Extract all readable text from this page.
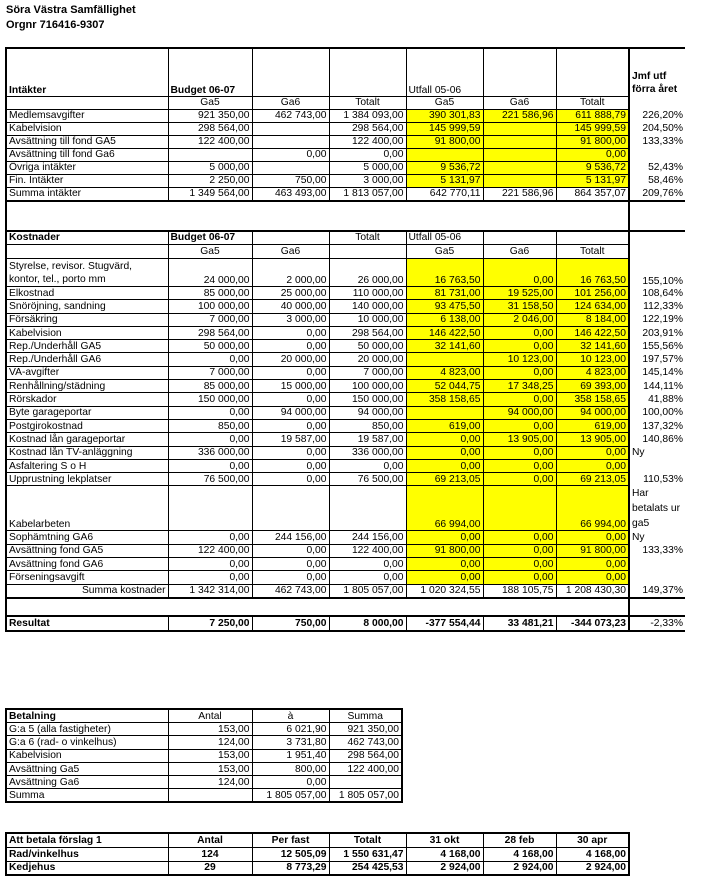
Söra Västra Samfällighet
Orgnr 716416-9307
Intäkter	Budget 06-07			Utfall 05-06			Jmf utf
förra året

	Ga5	Ga6	Totalt	Ga5	Ga6	Totalt	
Medlemsavgifter	921 350,00	462 743,00	1 384 093,00	390 301,83	221 586,96	611 888,79	226,20%
Kabelvision	298 564,00		298 564,00	145 999,59		145 999,59	204,50%
Avsättning till fond GA5	122 400,00		122 400,00	91 800,00		91 800,00	133,33%
Avsättning till fond Ga6		0,00	0,00			0,00	
Övriga intäkter	5 000,00		5 000,00	9 536,72		9 536,72	52,43%
Fin. Intäkter	2 250,00	750,00	3 000,00	5 131,97		5 131,97	58,46%
Summa intäkter	1 349 564,00	463 493,00	1 813 057,00	642 770,11	221 586,96	864 357,07	209,76%

Kostnader	Budget 06-07		Totalt	Utfall 05-06			
	Ga5	Ga6		Ga5	Ga6	Totalt	

Styrelse, revisor. Stugvärd,
kontor, tel., porto mm	24 000,00	2 000,00	26 000,00	16 763,50	0,00	16 763,50	155,10%
Elkostnad	85 000,00	25 000,00	110 000,00	81 731,00	19 525,00	101 256,00	108,64%
Snöröjning, sandning	100 000,00	40 000,00	140 000,00	93 475,50	31 158,50	124 634,00	112,33%
Försäkring	7 000,00	3 000,00	10 000,00	6 138,00	2 046,00	8 184,00	122,19%
Kabelvision	298 564,00	0,00	298 564,00	146 422,50	0,00	146 422,50	203,91%
Rep./Underhåll GA5	50 000,00	0,00	50 000,00	32 141,60	0,00	32 141,60	155,56%
Rep./Underhåll GA6	0,00	20 000,00	20 000,00		10 123,00	10 123,00	197,57%
VA-avgifter	7 000,00	0,00	7 000,00	4 823,00	0,00	4 823,00	145,14%
Renhållning/städning	85 000,00	15 000,00	100 000,00	52 044,75	17 348,25	69 393,00	144,11%
Rörskador	150 000,00	0,00	150 000,00	358 158,65	0,00	358 158,65	41,88%
Byte garageportar	0,00	94 000,00	94 000,00		94 000,00	94 000,00	100,00%
Postgirokostnad	850,00	0,00	850,00	619,00	0,00	619,00	137,32%
Kostnad lån garageportar	0,00	19 587,00	19 587,00	0,00	13 905,00	13 905,00	140,86%
Kostnad lån TV-anläggning	336 000,00	0,00	336 000,00	0,00	0,00	0,00	Ny
Asfaltering S o H	0,00	0,00	0,00	0,00	0,00	0,00	
Upprustning lekplatser	76 500,00	0,00	76 500,00	69 213,05	0,00	69 213,05	110,53%
Kabelarbeten				66 994,00		66 994,00	Har
betalats ur
ga5

Sophämtning GA6	0,00	244 156,00	244 156,00	0,00	0,00	0,00	Ny
Avsättning fond GA5	122 400,00	0,00	122 400,00	91 800,00	0,00	91 800,00	133,33%
Avsättning fond GA6	0,00	0,00	0,00	0,00	0,00	0,00	
Förseningsavgift	0,00	0,00	0,00	0,00	0,00	0,00	
Summa kostnader	1 342 314,00	462 743,00	1 805 057,00	1 020 324,55	188 105,75	1 208 430,30	149,37%

Resultat	7 250,00	750,00	8 000,00	-377 554,44	33 481,21	-344 073,23	-2,33%
Betalning	Antal	à	Summa
G:a 5 (alla fastigheter)	153,00	6 021,90	921 350,00
G:a 6 (rad- o vinkelhus)	124,00	3 731,80	462 743,00
Kabelvision	153,00	1 951,40	298 564,00
Avsättning Ga5	153,00	800,00	122 400,00
Avsättning Ga6	124,00	0,00	
Summa		1 805 057,00	1 805 057,00
Att betala förslag 1	Antal	Per fast	Totalt	31 okt	28 feb	30 apr
Rad/vinkelhus	124	12 505,09	1 550 631,47	4 168,00	4 168,00	4 168,00
Kedjehus	29	8 773,29	254 425,53	2 924,00	2 924,00	2 924,00
